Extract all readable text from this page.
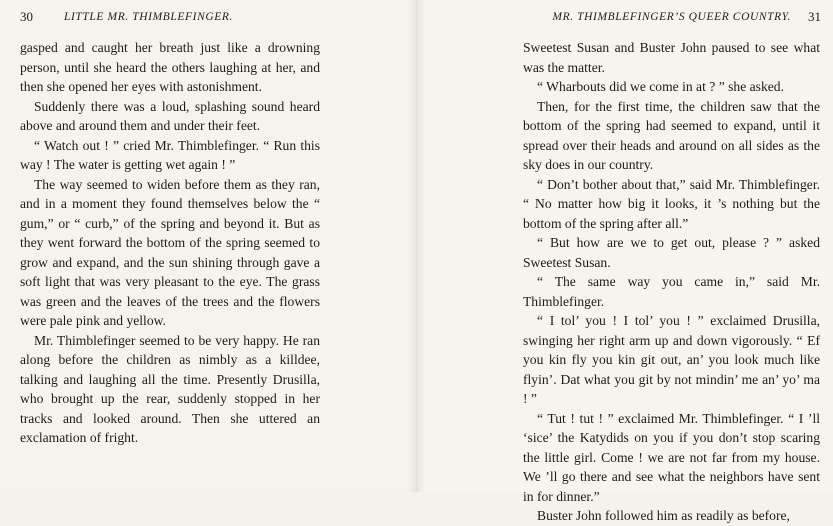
30	LITTLE MR. THIMBLEFINGER.

gasped and caught her breath just like a drowning person, until she heard the others laughing at her, and then she opened her eyes with astonishment.

Suddenly there was a loud, splashing sound heard above and around them and under their feet.

“ Watch out ! ” cried Mr. Thimblefinger. “ Run this way ! The water is getting wet again ! ”

The way seemed to widen before them as they ran, and in a moment they found themselves below the “ gum,” or “ curb,” of the spring and beyond it. But as they went forward the bottom of the spring seemed to grow and expand, and the sun shining through gave a soft light that was very pleasant to the eye. The grass was green and the leaves of the trees and the flowers were pale pink and yellow.

Mr. Thimblefinger seemed to be very happy. He ran along before the children as nimbly as a killdee, talking and laughing all the time. Presently Drusilla, who brought up the rear, suddenly stopped in her tracks and looked around. Then she uttered an exclamation of fright.

MR. THIMBLEFINGER’S QUEER COUNTRY. 31

Sweetest Susan and Buster John paused to see what was the matter.

“ Wharbouts did we come in at ? ” she asked.

Then, for the first time, the children saw that the bottom of the spring had seemed to expand, until it spread over their heads and around on all sides as the sky does in our country.

“ Don’t bother about that,” said Mr. Thimblefinger. “ No matter how big it looks, it ’s nothing but the bottom of the spring after all.”

“ But how are we to get out, please ? ” asked Sweetest Susan.

“ The same way you came in,” said Mr. Thimblefinger.

“ I tol’ you ! I tol’ you ! ” exclaimed Drusilla, swinging her right arm up and down vigorously. “ Ef you kin fly you kin git out, an’ you look much like flyin’. Dat what you git by not mindin’ me an’ yo’ ma ! ”

“ Tut ! tut ! ” exclaimed Mr. Thimblefinger. “ I ’ll ‘sice’ the Katydids on you if you don’t stop scaring the little girl. Come ! we are not far from my house. We ’ll go there and see what the neighbors have sent in for dinner.”

Buster John followed him as readily as before,
